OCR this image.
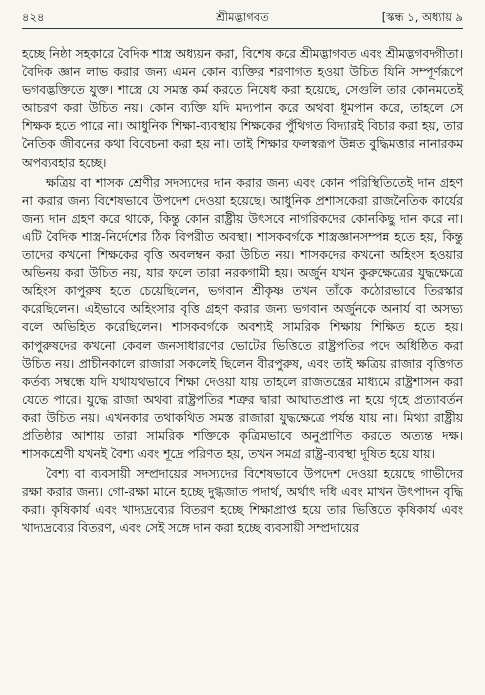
৪২৪	শ্রীমদ্ভাগবত	[স্কন্ধ ১, অধ্যায় ৯

হচ্ছে নিষ্ঠা সহকারে বৈদিক শাস্ত্র অধ্যয়ন করা, বিশেষ করে শ্রীমদ্ভাগবত এবং শ্রীমদ্ভগবদ্গীতা। বৈদিক জ্ঞান লাভ করার জন্য এমন কোন ব্যক্তির শরণাগত হওয়া উচিত যিনি সম্পূর্ণরূপে ভগবদ্ভক্তিতে যুক্ত। শাস্ত্রে যে সমস্ত কর্ম করতে নিষেধ করা হয়েছে, সেগুলি তার কোনমতেই আচরণ করা উচিত নয়। কোন ব্যক্তি যদি মদ্যপান করে অথবা ধূমপান করে, তাহলে সে শিক্ষক হতে পারে না। আধুনিক শিক্ষা-ব্যবস্থায় শিক্ষকের পুঁথিগত বিদ্যারই বিচার করা হয়, তার নৈতিক জীবনের কথা বিবেচনা করা হয় না। তাই শিক্ষার ফলস্বরূপ উন্নত বুদ্ধিমত্তার নানারকম অপব্যবহার হচ্ছে।

ক্ষত্রিয় বা শাসক শ্রেণীর সদস্যদের দান করার জন্য এবং কোন পরিস্থিতিতেই দান গ্রহণ না করার জন্য বিশেষভাবে উপদেশ দেওয়া হয়েছে। আধুনিক প্রশাসকেরা রাজনৈতিক কার্যের জন্য দান গ্রহণ করে থাকে, কিন্তু কোন রাষ্ট্রীয় উৎসবে নাগরিকদের কোনকিছু দান করে না। এটি বৈদিক শাস্ত্র-নির্দেশের ঠিক বিপরীত অবস্থা। শাসকবর্গকে শাস্ত্রজ্ঞানসম্পন্ন হতে হয়, কিন্তু তাদের কখনো শিক্ষকের বৃত্তি অবলম্বন করা উচিত নয়। শাসকদের কখনো অহিংস হওয়ার অভিনয় করা উচিত নয়, যার ফলে তারা নরকগামী হয়। অর্জুন যখন কুরুক্ষেত্রের যুদ্ধক্ষেত্রে অহিংস কাপুরুষ হতে চেয়েছিলেন, ভগবান শ্রীকৃষ্ণ তখন তাঁকে কঠোরভাবে তিরস্কার করেছিলেন। এইভাবে অহিংসার বৃত্তি গ্রহণ করার জন্য ভগবান অর্জুনকে অনার্য বা অসভ্য বলে অভিহিত করেছিলেন। শাসকবর্গকে অবশ্যই সামরিক শিক্ষায় শিক্ষিত হতে হয়। কাপুরুষদের কখনো কেবল জনসাধারণের ভোটের ভিত্তিতে রাষ্ট্রপতির পদে অধিষ্ঠিত করা উচিত নয়। প্রাচীনকালে রাজারা সকলেই ছিলেন বীরপুরুষ, এবং তাই ক্ষত্রিয় রাজার বৃত্তিগত কর্তব্য সম্বন্ধে যদি যথাযথভাবে শিক্ষা দেওয়া যায় তাহলে রাজতন্ত্রের মাধ্যমে রাষ্ট্রশাসন করা যেতে পারে। যুদ্ধে রাজা অথবা রাষ্ট্রপতির শত্রুর দ্বারা আঘাতপ্রাপ্ত না হয়ে গৃহে প্রত্যাবর্তন করা উচিত নয়। এখনকার তথাকথিত সমস্ত রাজারা যুদ্ধক্ষেত্রে পর্যন্ত যায় না। মিথ্যা রাষ্ট্রীয় প্রতিষ্ঠার আশায় তারা সামরিক শক্তিকে কৃত্রিমভাবে অনুপ্রাণিত করতে অত্যন্ত দক্ষ। শাসকশ্রেণী যখনই বৈশ্য এবং শূদ্রে পরিণত হয়, তখন সমগ্র রাষ্ট্র-ব্যবস্থা দূষিত হয়ে যায়।

বৈশ্য বা ব্যবসায়ী সম্প্রদায়ের সদস্যদের বিশেষভাবে উপদেশ দেওয়া হয়েছে গাভীদের রক্ষা করার জন্য। গো-রক্ষা মানে হচ্ছে দুগ্ধজাত পদার্থ, অর্থাৎ দধি এবং মাখন উৎপাদন বৃদ্ধি করা। কৃষিকার্য এবং খাদ্যদ্রব্যের বিতরণ হচ্ছে শিক্ষাপ্রাপ্ত হয়ে তার ভিত্তিতে কৃষিকার্য এবং খাদ্যদ্রব্যের বিতরণ, এবং সেই সঙ্গে দান করা হচ্ছে ব্যবসায়ী সম্প্রদায়ের
